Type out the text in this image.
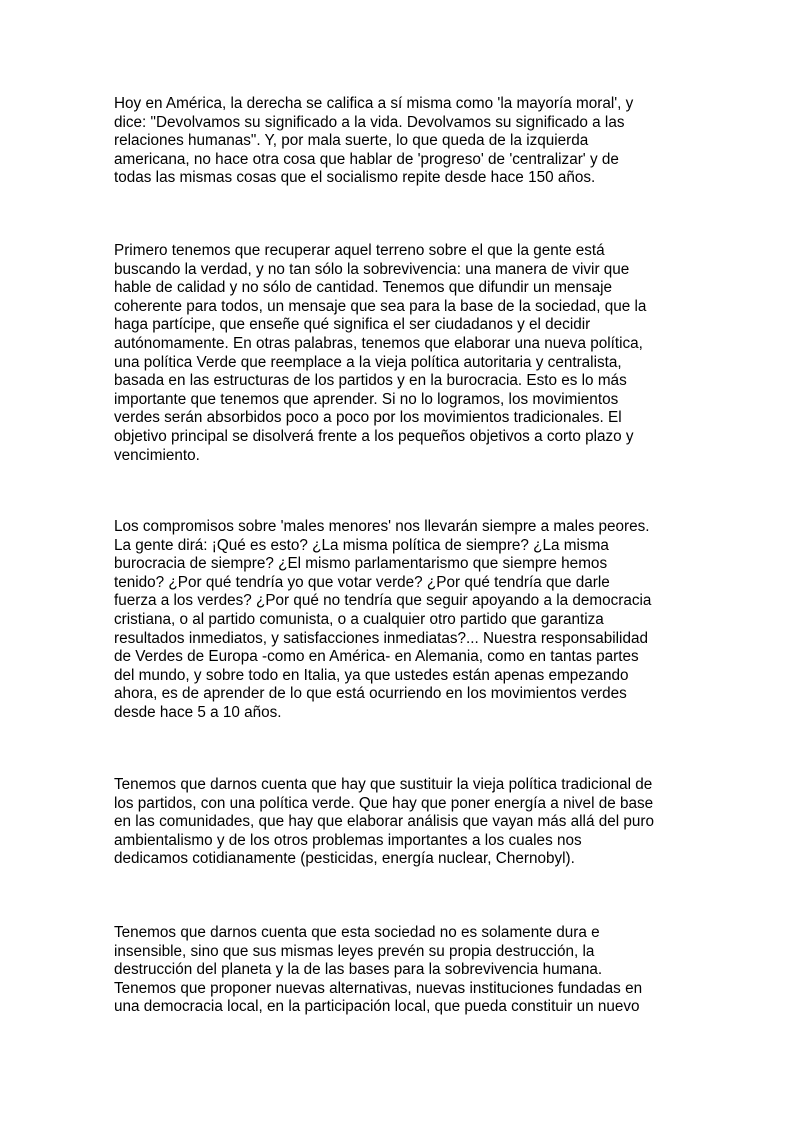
Hoy en América, la derecha se califica a sí misma como 'la mayoría moral', y
dice: "Devolvamos su significado a la vida. Devolvamos su significado a las
relaciones humanas". Y, por mala suerte, lo que queda de la izquierda
americana, no hace otra cosa que hablar de 'progreso' de 'centralizar' y de
todas las mismas cosas que el socialismo repite desde hace 150 años.

Primero tenemos que recuperar aquel terreno sobre el que la gente está
buscando la verdad, y no tan sólo la sobrevivencia: una manera de vivir que
hable de calidad y no sólo de cantidad. Tenemos que difundir un mensaje
coherente para todos, un mensaje que sea para la base de la sociedad, que la
haga partícipe, que enseñe qué significa el ser ciudadanos y el decidir
autónomamente. En otras palabras, tenemos que elaborar una nueva política,
una política Verde que reemplace a la vieja política autoritaria y centralista,
basada en las estructuras de los partidos y en la burocracia. Esto es lo más
importante que tenemos que aprender. Si no lo logramos, los movimientos
verdes serán absorbidos poco a poco por los movimientos tradicionales. El
objetivo principal se disolverá frente a los pequeños objetivos a corto plazo y
vencimiento.

Los compromisos sobre 'males menores' nos llevarán siempre a males peores.
La gente dirá: ¡Qué es esto? ¿La misma política de siempre? ¿La misma
burocracia de siempre? ¿El mismo parlamentarismo que siempre hemos
tenido? ¿Por qué tendría yo que votar verde? ¿Por qué tendría que darle
fuerza a los verdes? ¿Por qué no tendría que seguir apoyando a la democracia
cristiana, o al partido comunista, o a cualquier otro partido que garantiza
resultados inmediatos, y satisfacciones inmediatas?... Nuestra responsabilidad
de Verdes de Europa -como en América- en Alemania, como en tantas partes
del mundo, y sobre todo en Italia, ya que ustedes están apenas empezando
ahora, es de aprender de lo que está ocurriendo en los movimientos verdes
desde hace 5 a 10 años.

Tenemos que darnos cuenta que hay que sustituir la vieja política tradicional de
los partidos, con una política verde. Que hay que poner energía a nivel de base
en las comunidades, que hay que elaborar análisis que vayan más allá del puro
ambientalismo y de los otros problemas importantes a los cuales nos
dedicamos cotidianamente (pesticidas, energía nuclear, Chernobyl).

Tenemos que darnos cuenta que esta sociedad no es solamente dura e
insensible, sino que sus mismas leyes prevén su propia destrucción, la
destrucción del planeta y la de las bases para la sobrevivencia humana.
Tenemos que proponer nuevas alternativas, nuevas instituciones fundadas en
una democracia local, en la participación local, que pueda constituir un nuevo
